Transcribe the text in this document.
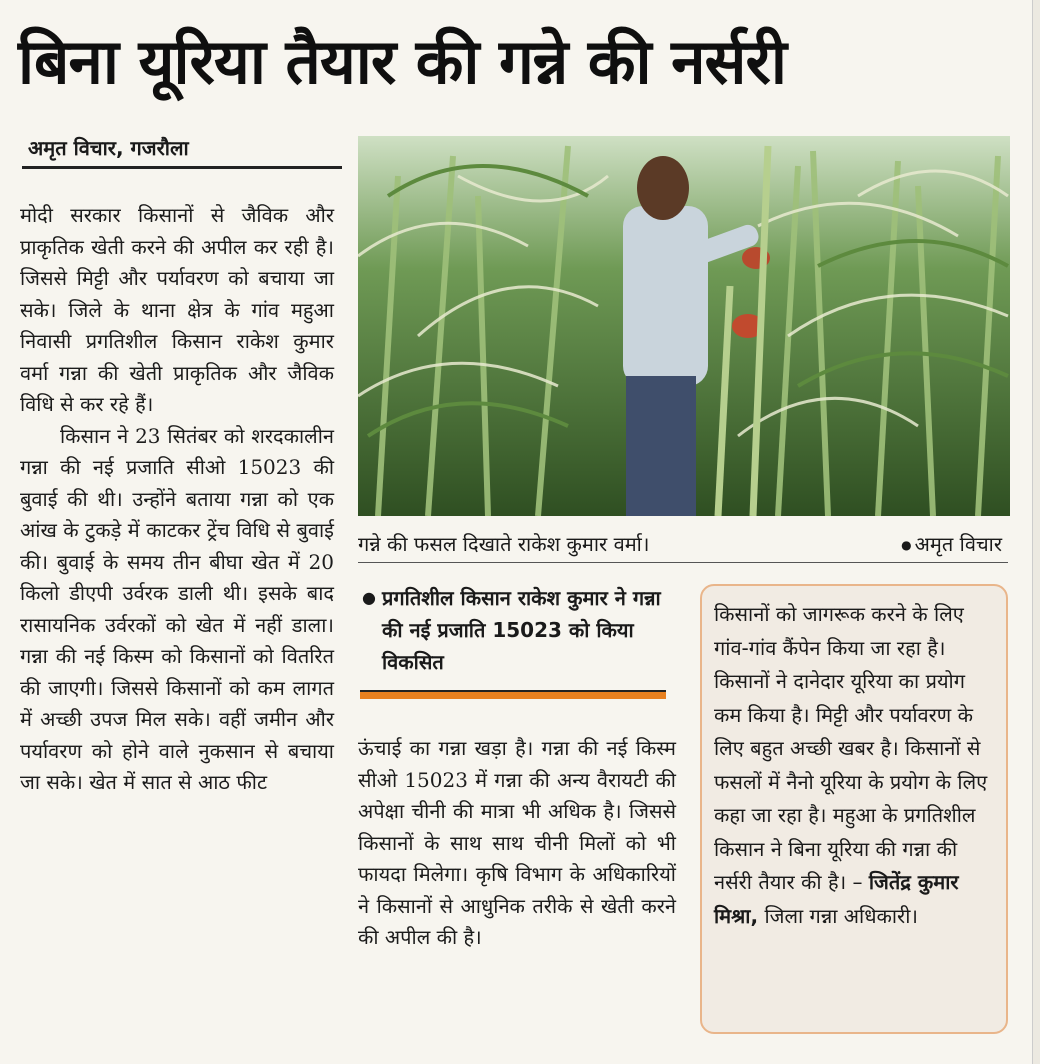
बिना यूरिया तैयार की गन्ने की नर्सरी
अमृत विचार, गजरौला

मोदी सरकार किसानों से जैविक और प्राकृतिक खेती करने की अपील कर रही है। जिससे मिट्टी और पर्यावरण को बचाया जा सके। जिले के थाना क्षेत्र के गांव महुआ निवासी प्रगतिशील किसान राकेश कुमार वर्मा गन्ना की खेती प्राकृतिक और जैविक विधि से कर रहे हैं।

किसान ने 23 सितंबर को शरदकालीन गन्ना की नई प्रजाति सीओ 15023 की बुवाई की थी। उन्होंने बताया गन्ना को एक आंख के टुकड़े में काटकर ट्रेंच विधि से बुवाई की। बुवाई के समय तीन बीघा खेत में 20 किलो डीएपी उर्वरक डाली थी। इसके बाद रासायनिक उर्वरकों को खेत में नहीं डाला। गन्ना की नई किस्म को किसानों को वितरित की जाएगी। जिससे किसानों को कम लागत में अच्छी उपज मिल सके। वहीं जमीन और पर्यावरण को होने वाले नुकसान से बचाया जा सके। खेत में सात से आठ फीट

गन्ने की फसल दिखाते राकेश कुमार वर्मा।
●	अमृत विचार
● प्रगतिशील किसान राकेश कुमार ने गन्ना की नई प्रजाति 15023 को किया विकसित

ऊंचाई का गन्ना खड़ा है। गन्ना की नई किस्म सीओ 15023 में गन्ना की अन्य वैरायटी की अपेक्षा चीनी की मात्रा भी अधिक है। जिससे किसानों के साथ साथ चीनी मिलों को भी फायदा मिलेगा। कृषि विभाग के अधिकारियों ने किसानों से आधुनिक तरीके से खेती करने की अपील की है।

किसानों को जागरूक करने के लिए गांव-गांव कैंपेन किया जा रहा है। किसानों ने दानेदार यूरिया का प्रयोग कम किया है। मिट्टी और पर्यावरण के लिए बहुत अच्छी खबर है। किसानों से फसलों में नैनो यूरिया के प्रयोग के लिए कहा जा रहा है। महुआ के प्रगतिशील किसान ने बिना यूरिया की गन्ना की नर्सरी तैयार की है। – जितेंद्र कुमार मिश्रा, जिला गन्ना अधिकारी।
